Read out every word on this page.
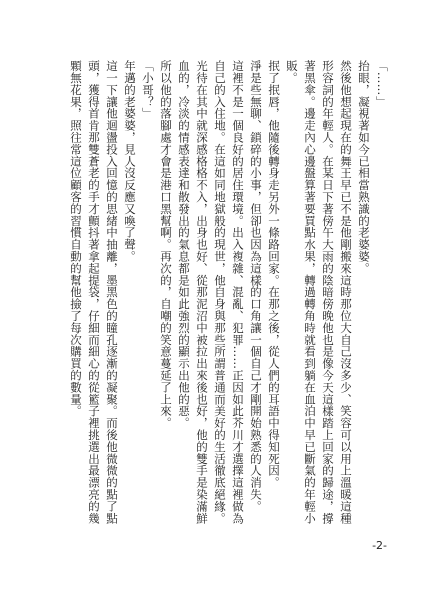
「……」

抬眼，凝視著如今已相當熟識的老婆婆。

然後他想起現在的舞王早已不是他剛搬來這時那位大自己沒多少、笑容可以用上溫暖這種形容詞的年輕人。在某日下著傍午大雨的陰暗傍晚他也是像今天這樣踏上回家的歸途，撐著黑傘。邊走內心邊盤算著要買點水果，轉過轉角時就看到躺在血泊中早已斷氣的年輕小販。

抿了抿唇，他隨後轉身走另外一條路回家。在那之後，從人們的耳語中得知死因。

淨是些無聊、鎖碎的小事，但卻也因為這樣的口角讓一個自己才剛開始熟悉的人消失。

這裡不是一個良好的居住環境。出入複雜、混亂、犯罪……正因如此芥川才選擇這裡做為自己的入住地。在這如同地獄般的現世，他自身與那些所謂普通而美好的生活徹底絕緣。光待在其中就深感格格不入，出身也好、從那泥沼中被拉出來後也好，他的雙手是染滿鮮血的，冷淡的情感表達和散發出的氣息都是如此強烈的顯示出他的惡。

所以他的落腳處才會是港口黑幫啊。再次的，自嘲的笑意蔓延了上來。

「小哥？」

年邁的老婆婆，見人沒反應又喚了聲。

這一下讓他迴盪投入回憶的思緒中抽離，墨黑色的瞳孔逐漸的凝聚。而後他微微的點了點頭，獲得首肯那雙蒼老的手才顫抖著拿起提袋，仔細而細心的從籃子裡挑選出最漂亮的幾顆無花果，照往常這位顧客的習慣自動的幫他撿了每次購買的數量。

-2-
